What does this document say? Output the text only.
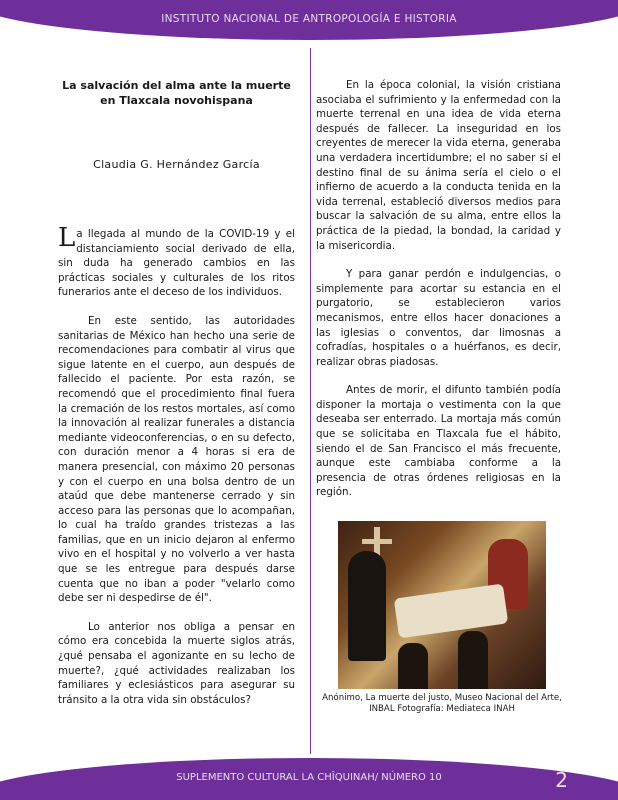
INSTITUTO NACIONAL DE ANTROPOLOGÍA E HISTORIA
La salvación del alma ante la muerte en Tlaxcala novohispana
Claudia G. Hernández García

La llegada al mundo de la COVID-19 y el distanciamiento social derivado de ella, sin duda ha generado cambios en las prácticas sociales y culturales de los ritos funerarios ante el deceso de los individuos.

En este sentido, las autoridades sanitarias de México han hecho una serie de recomendaciones para combatir al virus que sigue latente en el cuerpo, aun después de fallecido el paciente. Por esta razón, se recomendó que el procedimiento final fuera la cremación de los restos mortales, así como la innovación al realizar funerales a distancia mediante videoconferencias, o en su defecto, con duración menor a 4 horas si era de manera presencial, con máximo 20 personas y con el cuerpo en una bolsa dentro de un ataúd que debe mantenerse cerrado y sin acceso para las personas que lo acompañan, lo cual ha traído grandes tristezas a las familias, que en un inicio dejaron al enfermo vivo en el hospital y no volverlo a ver hasta que se les entregue para después darse cuenta que no iban a poder "velarlo como debe ser ni despedirse de él".

Lo anterior nos obliga a pensar en cómo era concebida la muerte siglos atrás, ¿qué pensaba el agonizante en su lecho de muerte?, ¿qué actividades realizaban los familiares y eclesiásticos para asegurar su tránsito a la otra vida sin obstáculos?

En la época colonial, la visión cristiana asociaba el sufrimiento y la enfermedad con la muerte terrenal en una idea de vida eterna después de fallecer. La inseguridad en los creyentes de merecer la vida eterna, generaba una verdadera incertidumbre; el no saber si el destino final de su ánima sería el cielo o el infierno de acuerdo a la conducta tenida en la vida terrenal, estableció diversos medios para buscar la salvación de su alma, entre ellos la práctica de la piedad, la bondad, la caridad y la misericordia.

Y para ganar perdón e indulgencias, o simplemente para acortar su estancia en el purgatorio, se establecieron varios mecanismos, entre ellos hacer donaciones a las iglesias o conventos, dar limosnas a cofradías, hospitales o a huérfanos, es decir, realizar obras piadosas.

Antes de morir, el difunto también podía disponer la mortaja o vestimenta con la que deseaba ser enterrado. La mortaja más común que se solicitaba en Tlaxcala fue el hábito, siendo el de San Francisco el más frecuente, aunque este cambiaba conforme a la presencia de otras órdenes religiosas en la región.

Anónimo, La muerte del justo, Museo Nacional del Arte, INBAL Fotografía: Mediateca INAH
SUPLEMENTO CULTURAL LA CHÎQUINAH/ NÚMERO 10	2
